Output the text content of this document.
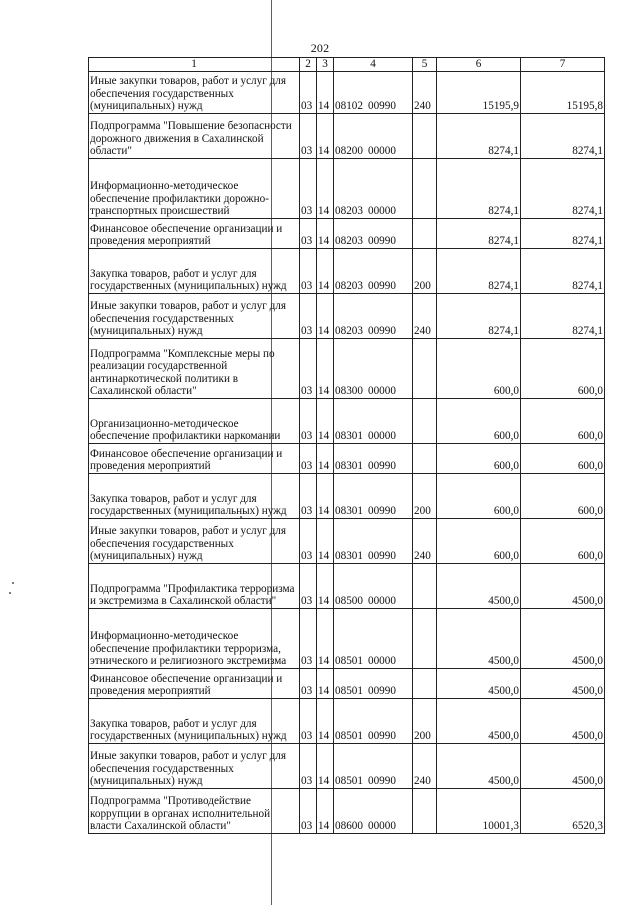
202
1	2	3	4	5	6	7
Иные закупки товаров, работ и услуг для обеспечения государственных (муниципальных) нужд	03	14	08102 00990	240	15195,9	15195,8
Подпрограмма "Повышение безопасности дорожного движения в Сахалинской области"	03	14	08200 00000		8274,1	8274,1
Информационно-методическое обеспечение профилактики дорожно-транспортных происшествий	03	14	08203 00000		8274,1	8274,1
Финансовое обеспечение организации и проведения мероприятий	03	14	08203 00990		8274,1	8274,1
Закупка товаров, работ и услуг для государственных (муниципальных) нужд	03	14	08203 00990	200	8274,1	8274,1
Иные закупки товаров, работ и услуг для обеспечения государственных (муниципальных) нужд	03	14	08203 00990	240	8274,1	8274,1
Подпрограмма "Комплексные меры по реализации государственной антинаркотической политики в Сахалинской области"	03	14	08300 00000		600,0	600,0
Организационно-методическое обеспечение профилактики наркомании	03	14	08301 00000		600,0	600,0
Финансовое обеспечение организации и проведения мероприятий	03	14	08301 00990		600,0	600,0
Закупка товаров, работ и услуг для государственных (муниципальных) нужд	03	14	08301 00990	200	600,0	600,0
Иные закупки товаров, работ и услуг для обеспечения государственных (муниципальных) нужд	03	14	08301 00990	240	600,0	600,0
Подпрограмма "Профилактика терроризма и экстремизма в Сахалинской области"	03	14	08500 00000		4500,0	4500,0
Информационно-методическое обеспечение профилактики терроризма, этнического и религиозного экстремизма	03	14	08501 00000		4500,0	4500,0
Финансовое обеспечение организации и проведения мероприятий	03	14	08501 00990		4500,0	4500,0
Закупка товаров, работ и услуг для государственных (муниципальных) нужд	03	14	08501 00990	200	4500,0	4500,0
Иные закупки товаров, работ и услуг для обеспечения государственных (муниципальных) нужд	03	14	08501 00990	240	4500,0	4500,0
Подпрограмма "Противодействие коррупции в органах исполнительной власти Сахалинской области"	03	14	08600 00000		10001,3	6520,3
